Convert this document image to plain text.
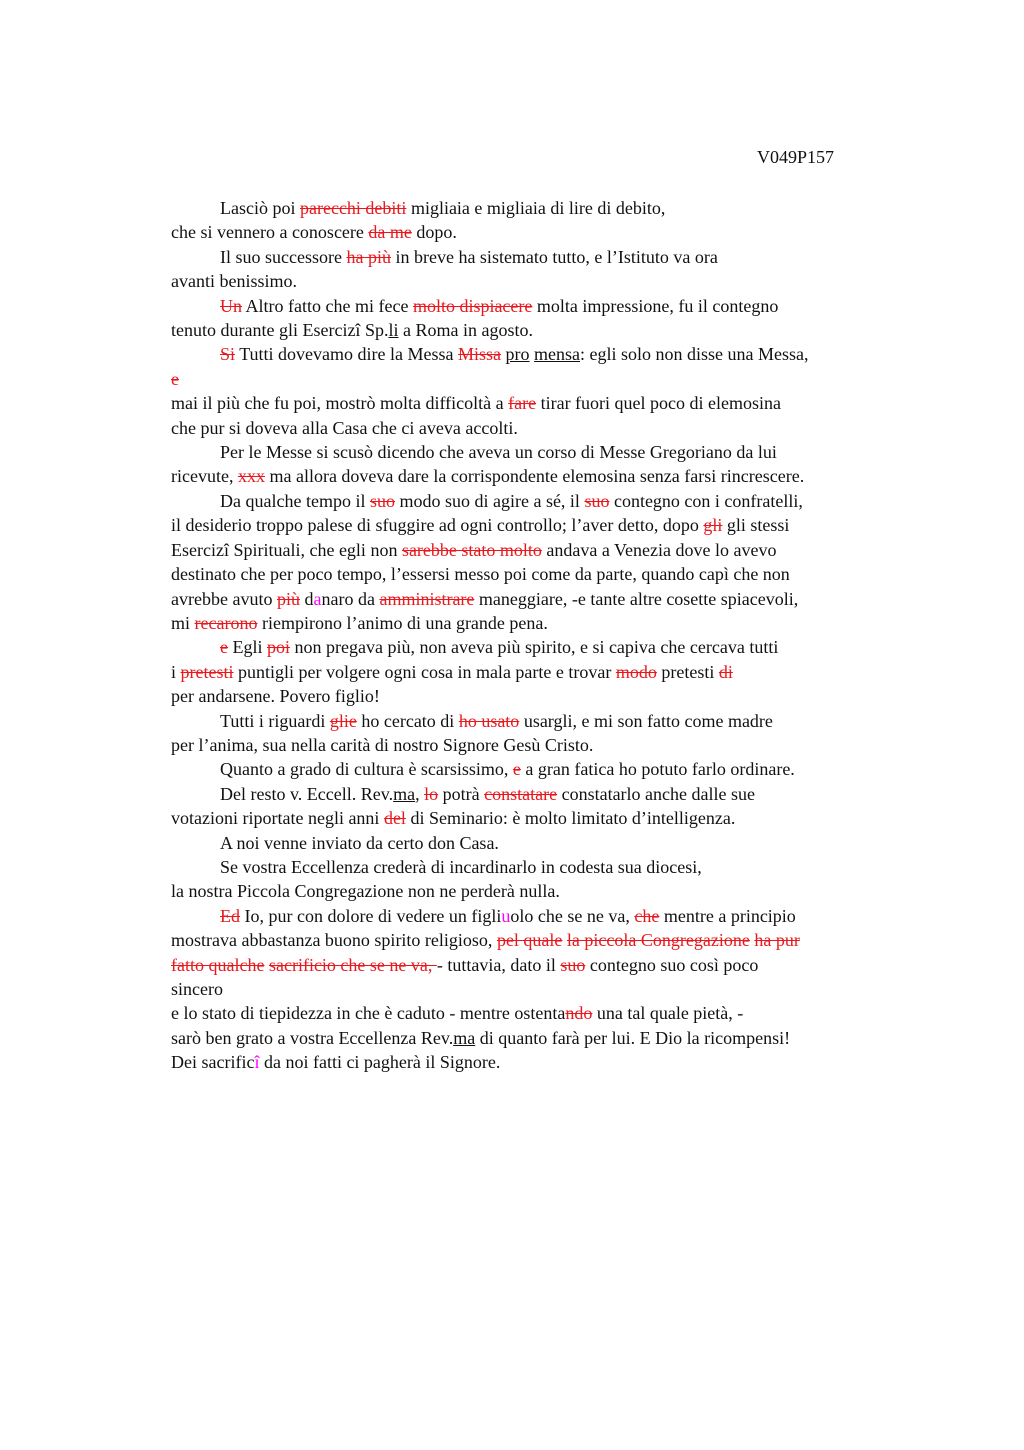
V049P157
Lasciò poi parecchi debiti migliaia e migliaia di lire di debito,
che si vennero a conoscere da me dopo.
Il suo successore ha più in breve ha sistemato tutto, e l’Istituto va ora
avanti benissimo.
Un Altro fatto che mi fece molto dispiacere molta impressione, fu il contegno
tenuto durante gli Esercizi Sp.li a Roma in agosto.
Si Tutti dovevamo dire la Messa Missa pro mensa: egli solo non disse una Messa,
e
mai il più che fu poi, mostrò molta difficoltà a fare tirar fuori quel poco di elemosina
che pur si doveva alla Casa che ci aveva accolti.
Per le Messe si scusò dicendo che aveva un corso di Messe Gregoriano da lui
ricevute, xxx ma allora doveva dare la corrispondente elemosina senza farsi rincrescere.
Da qualche tempo il suo modo suo di agire a sé, il suo contegno con i confratelli,
il desiderio troppo palese di sfuggire ad ogni controllo; l’aver detto, dopo gli gli stessi
Esercizi Spirituali, che egli non sarebbe stato molto andava a Venezia dove lo avevo
destinato che per poco tempo, l’essersi messo poi come da parte, quando capì che non
avrebbe avuto più danaro da amministrare maneggiare, -e tante altre cosette spiacevoli,
mi recarono riempirono l’animo di una grande pena.
e Egli poi non pregava più, non aveva più spirito, e si capiva che cercava tutti
i pretesti puntigli per volgere ogni cosa in mala parte e trovar modo pretesti di
per andarsene. Povero figlio!
Tutti i riguardi glie ho cercato di ho usato usargli, e mi son fatto come madre
per l’anima, sua nella carità di nostro Signore Gesù Cristo.
Quanto a grado di cultura è scarsissimo, e a gran fatica ho potuto farlo ordinare.
Del resto v. Eccell. Rev.ma, lo potrà constatare constatarlo anche dalle sue
votazioni riportate negli anni del di Seminario: è molto limitato d’intelligenza.
A noi venne inviato da certo don Casa.
Se vostra Eccellenza crederà di incardinarlo in codesta sua diocesi,
la nostra Piccola Congregazione non ne perderà nulla.
Ed Io, pur con dolore di vedere un figliuolo che se ne va, che mentre a principio
mostrava abbastanza buono spirito religioso, pel quale la piccola Congregazione ha pur
fatto qualche sacrificio che se ne va, - tuttavia, dato il suo contegno suo così poco
sincero
e lo stato di tiepidezza in che è caduto - mentre ostentando una tal quale pietà, -
sarò ben grato a vostra Eccellenza Rev.ma di quanto farà per lui. E Dio la ricompensi!
Dei sacrificî da noi fatti ci pagherà il Signore.
